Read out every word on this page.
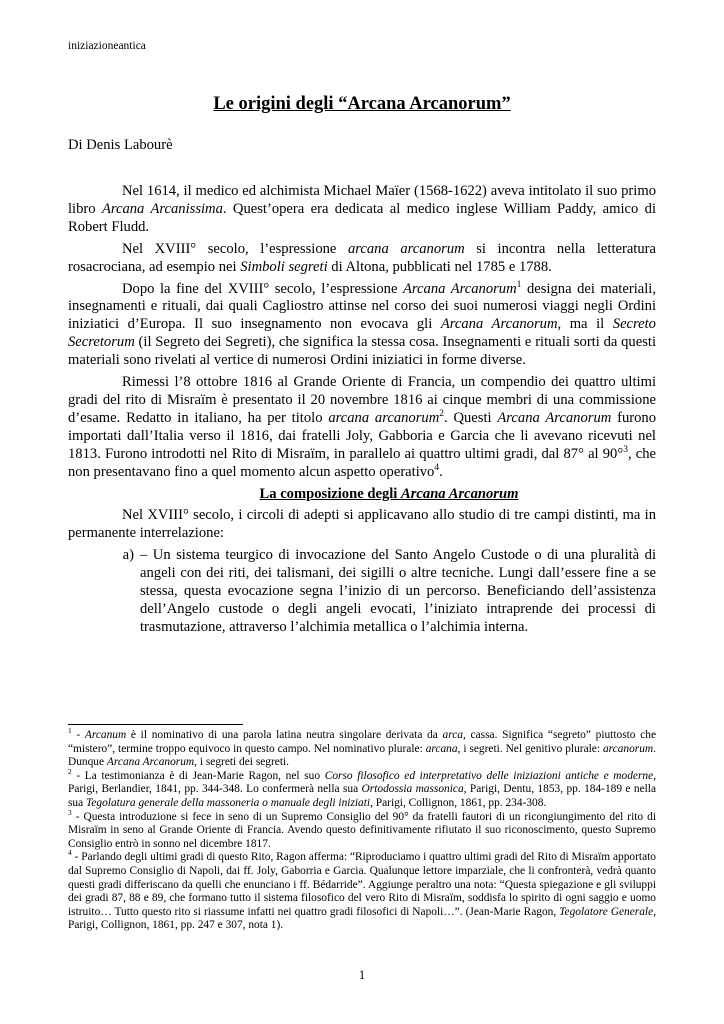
iniziazioneantica
Le origini degli “Arcana Arcanorum”
Di Denis Labourè

Nel 1614, il medico ed alchimista Michael Maïer (1568-1622) aveva intitolato il suo primo libro Arcana Arcanissima. Quest’opera era dedicata al medico inglese William Paddy, amico di Robert Fludd.

Nel XVIII° secolo, l’espressione arcana arcanorum si incontra nella letteratura rosacrociana, ad esempio nei Simboli segreti di Altona, pubblicati nel 1785 e 1788.

Dopo la fine del XVIII° secolo, l’espressione Arcana Arcanorum$^1$ designa dei materiali, insegnamenti e rituali, dai quali Cagliostro attinse nel corso dei suoi numerosi viaggi negli Ordini iniziatici d’Europa. Il suo insegnamento non evocava gli Arcana Arcanorum, ma il Secreto Secretorum (il Segreto dei Segreti), che significa la stessa cosa. Insegnamenti e rituali sorti da questi materiali sono rivelati al vertice di numerosi Ordini iniziatici in forme diverse.

Rimessi l’8 ottobre 1816 al Grande Oriente di Francia, un compendio dei quattro ultimi gradi del rito di Misraïm è presentato il 20 novembre 1816 ai cinque membri di una commissione d’esame. Redatto in italiano, ha per titolo arcana arcanorum$^2$. Questi Arcana Arcanorum furono importati dall’Italia verso il 1816, dai fratelli Joly, Gabboria e Garcia che li avevano ricevuti nel 1813. Furono introdotti nel Rito di Misraïm, in parallelo ai quattro ultimi gradi, dal 87° al 90°$^3$, che non presentavano fino a quel momento alcun aspetto operativo$^4$.

La composizione degli Arcana Arcanorum

Nel XVIII° secolo, i circoli di adepti si applicavano allo studio di tre campi distinti, ma in permanente interrelazione:

a) – Un sistema teurgico di invocazione del Santo Angelo Custode o di una pluralità di angeli con dei riti, dei talismani, dei sigilli o altre tecniche. Lungi dall’essere fine a se stessa, questa evocazione segna l’inizio di un percorso. Beneficiando dell’assistenza dell’Angelo custode o degli angeli evocati, l’iniziato intraprende dei processi di trasmutazione, attraverso l’alchimia metallica o l’alchimia interna.

$^1$ - Arcanum è il nominativo di una parola latina neutra singolare derivata da arca, cassa. Significa “segreto” piuttosto che “mistero”, termine troppo equivoco in questo campo. Nel nominativo plurale: arcana, i segreti. Nel genitivo plurale: arcanorum. Dunque Arcana Arcanorum, i segreti dei segreti.

$^2$ - La testimonianza è di Jean-Marie Ragon, nel suo Corso filosofico ed interpretativo delle iniziazioni antiche e moderne, Parigi, Berlandier, 1841, pp. 344-348. Lo confermerà nella sua Ortodossia massonica, Parigi, Dentu, 1853, pp. 184-189 e nella sua Tegolatura generale della massoneria o manuale degli iniziati, Parigi, Collignon, 1861, pp. 234-308.

$^3$ - Questa introduzione si fece in seno di un Supremo Consiglio del 90° da fratelli fautori di un ricongiungimento del rito di Misraïm in seno al Grande Oriente di Francia. Avendo questo definitivamente rifiutato il suo riconoscimento, questo Supremo Consiglio entrò in sonno nel dicembre 1817.

$^4$ - Parlando degli ultimi gradi di questo Rito, Ragon afferma: “Riproduciamo i quattro ultimi gradi del Rito di Misraïm apportato dal Supremo Consiglio di Napoli, dai ff. Joly, Gaborria e Garcia. Qualunque lettore imparziale, che li confronterà, vedrà quanto questi gradi differiscano da quelli che enunciano i ff. Bédarride”. Aggiunge peraltro una nota: “Questa spiegazione e gli sviluppi dei gradi 87, 88 e 89, che formano tutto il sistema filosofico del vero Rito di Misraïm, soddisfa lo spirito di ogni saggio e uomo istruito… Tutto questo rito si riassume infatti nei quattro gradi filosofici di Napoli…”. (Jean-Marie Ragon, Tegolatore Generale, Parigi, Collignon, 1861, pp. 247 e 307, nota 1).

1
